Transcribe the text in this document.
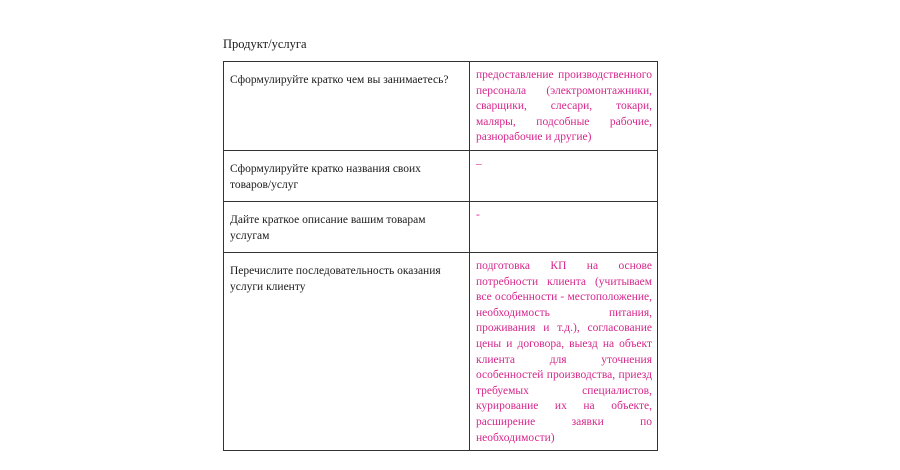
Продукт/услуга
Сформулируйте кратко чем вы занимаетесь?	предоставление производственного персонала (электромонтажники, сварщики, слесари, токари, маляры, подсобные рабочие, разнорабочие и другие)
Сформулируйте кратко названия своих товаров/услуг	–
Дайте краткое описание вашим товарам услугам	-
Перечислите последовательность оказания услуги клиенту	подготовка КП на основе потребности клиента (учитываем все особенности - местоположение, необходимость питания, проживания и т.д.), согласование цены и договора, выезд на объект клиента для уточнения особенностей производства, приезд требуемых специалистов, курирование их на объекте, расширение заявки по необходимости)
